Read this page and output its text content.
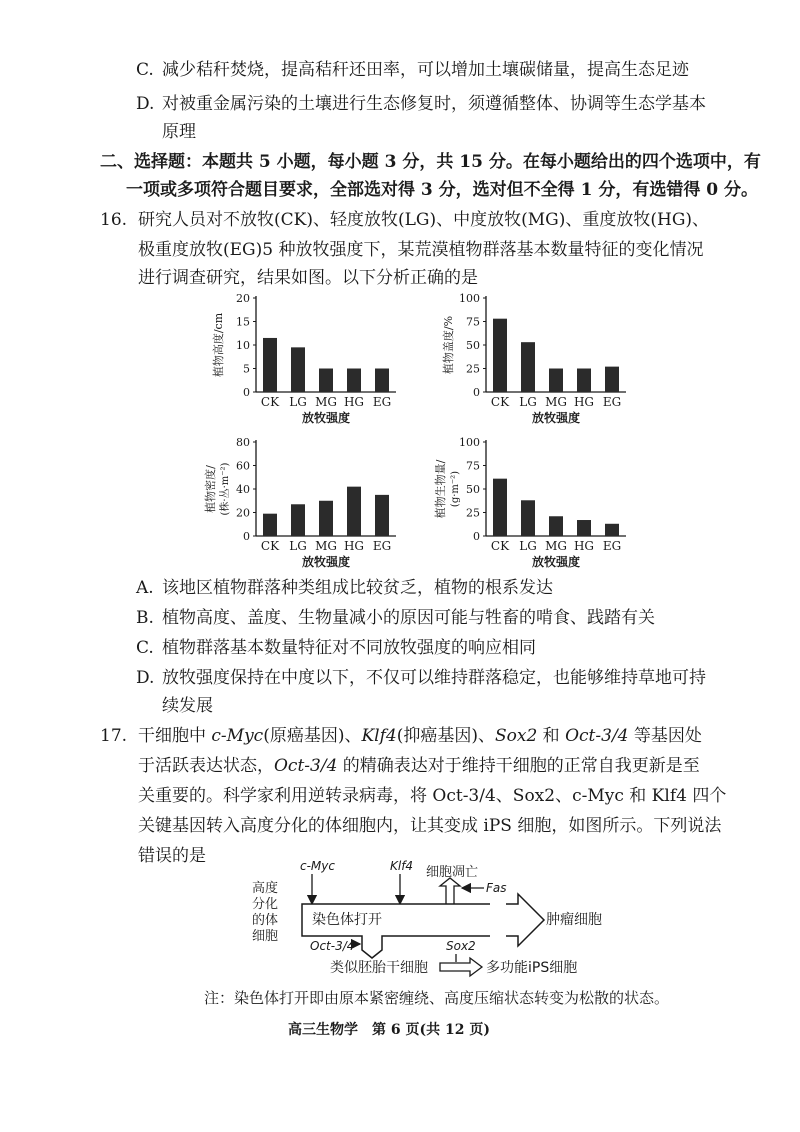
C. 减少秸秆焚烧，提高秸秆还田率，可以增加土壤碳储量，提高生态足迹
D. 对被重金属污染的土壤进行生态修复时，须遵循整体、协调等生态学基本
原理
二、选择题：本题共 5 小题，每小题 3 分，共 15 分。在每小题给出的四个选项中，有
一项或多项符合题目要求，全部选对得 3 分，选对但不全得 1 分，有选错得 0 分。
16. 研究人员对不放牧(CK)、轻度放牧(LG)、中度放牧(MG)、重度放牧(HG)、
极重度放牧(EG)5 种放牧强度下，某荒漠植物群落基本数量特征的变化情况
进行调查研究，结果如图。以下分析正确的是
植物高度/cm
0
5
10
15
20
CK LG MG HG EG
放牧强度
植物盖度/%
0
25
50
75
100
CK LG MG HG EG
放牧强度
植物密度/ (株·丛·m⁻²)
0
20
40
60
80
CK LG MG HG EG
放牧强度
植物生物量/ (g·m⁻²)
0
25
50
75
100
CK LG MG HG EG
放牧强度
A. 该地区植物群落种类组成比较贫乏，植物的根系发达
B. 植物高度、盖度、生物量减小的原因可能与牲畜的啃食、践踏有关
C. 植物群落基本数量特征对不同放牧强度的响应相同
D. 放牧强度保持在中度以下，不仅可以维持群落稳定，也能够维持草地可持
续发展
17. 干细胞中 c-Myc(原癌基因)、Klf4(抑癌基因)、Sox2 和 Oct-3/4 等基因处
于活跃表达状态，Oct-3/4 的精确表达对于维持干细胞的正常自我更新是至
关重要的。科学家利用逆转录病毒，将 Oct-3/4、Sox2、c-Myc 和 Klf4 四个
关键基因转入高度分化的体细胞内，让其变成 iPS 细胞，如图所示。下列说法
错误的是	c-Myc	Klf4 细胞凋亡
Fas
染色体打开	肿瘤细胞
高度
分化
的体
细胞
Oct-3/4	Sox2
类似胚胎干细胞	多功能iPS细胞
注：染色体打开即由原本紧密缠绕、高度压缩状态转变为松散的状态。
高三生物学　第 6 页(共 12 页)
